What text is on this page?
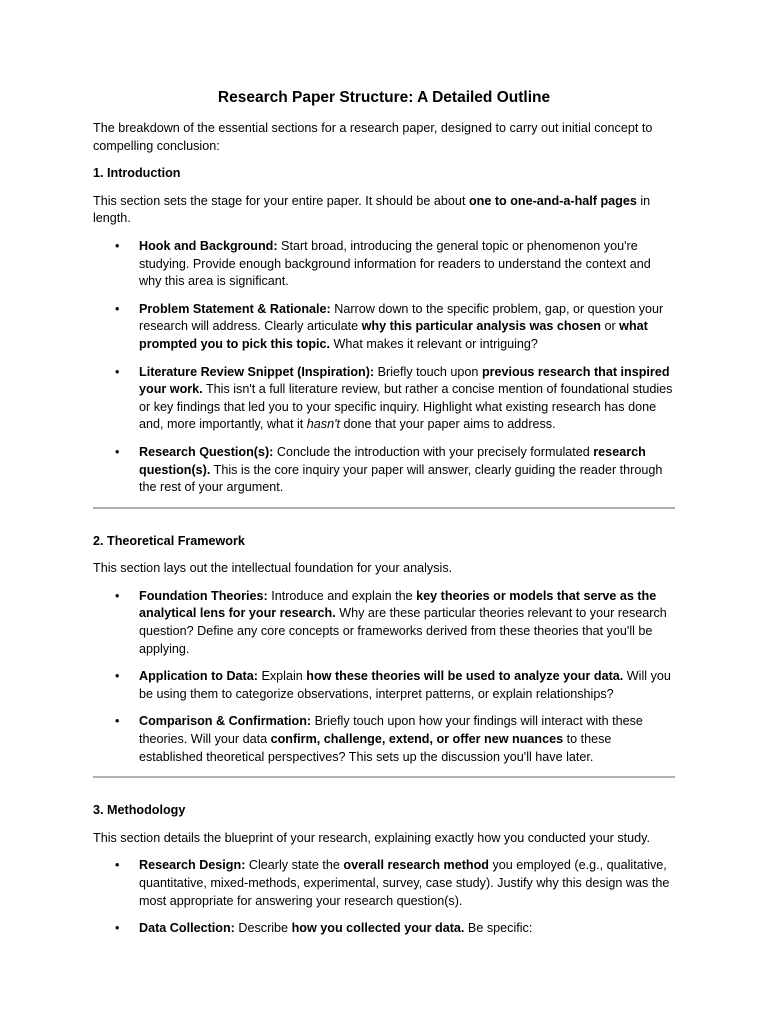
Research Paper Structure: A Detailed Outline

The breakdown of the essential sections for a research paper, designed to carry out initial concept to compelling conclusion:

1. Introduction

This section sets the stage for your entire paper. It should be about one to one-and-a-half pages in length.

• Hook and Background: Start broad, introducing the general topic or phenomenon you're studying. Provide enough background information for readers to understand the context and why this area is significant.
• Problem Statement & Rationale: Narrow down to the specific problem, gap, or question your research will address. Clearly articulate why this particular analysis was chosen or what prompted you to pick this topic. What makes it relevant or intriguing?
• Literature Review Snippet (Inspiration): Briefly touch upon previous research that inspired your work. This isn't a full literature review, but rather a concise mention of foundational studies or key findings that led you to your specific inquiry. Highlight what existing research has done and, more importantly, what it hasn't done that your paper aims to address.
• Research Question(s): Conclude the introduction with your precisely formulated research question(s). This is the core inquiry your paper will answer, clearly guiding the reader through the rest of your argument.
2. Theoretical Framework

This section lays out the intellectual foundation for your analysis.

• Foundation Theories: Introduce and explain the key theories or models that serve as the analytical lens for your research. Why are these particular theories relevant to your research question? Define any core concepts or frameworks derived from these theories that you'll be applying.
• Application to Data: Explain how these theories will be used to analyze your data. Will you be using them to categorize observations, interpret patterns, or explain relationships?
• Comparison & Confirmation: Briefly touch upon how your findings will interact with these theories. Will your data confirm, challenge, extend, or offer new nuances to these established theoretical perspectives? This sets up the discussion you'll have later.
3. Methodology

This section details the blueprint of your research, explaining exactly how you conducted your study.

• Research Design: Clearly state the overall research method you employed (e.g., qualitative, quantitative, mixed-methods, experimental, survey, case study). Justify why this design was the most appropriate for answering your research question(s).
• Data Collection: Describe how you collected your data. Be specific:
